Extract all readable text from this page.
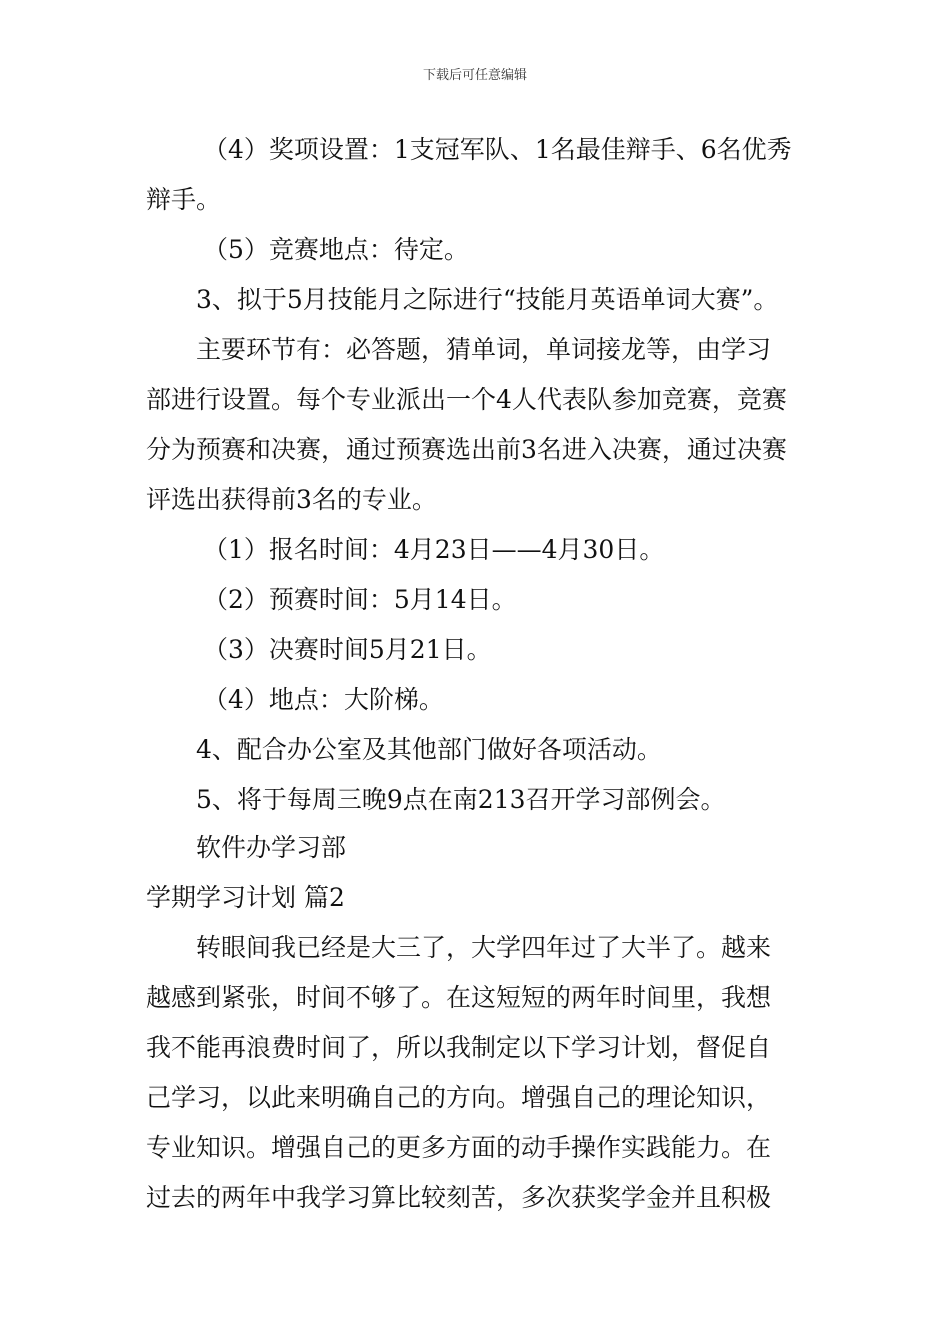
下载后可任意编辑
（4）奖项设置：1支冠军队、1名最佳辩手、6名优秀
辩手。
（5）竞赛地点：待定。
3、拟于5月技能月之际进行“技能月英语单词大赛”。
主要环节有：必答题，猜单词，单词接龙等，由学习
部进行设置。每个专业派出一个4人代表队参加竞赛，竞赛
分为预赛和决赛，通过预赛选出前3名进入决赛，通过决赛
评选出获得前3名的专业。
（1）报名时间：4月23日——4月30日。
（2）预赛时间：5月14日。
（3）决赛时间5月21日。
（4）地点：大阶梯。
4、配合办公室及其他部门做好各项活动。
5、将于每周三晚9点在南213召开学习部例会。
软件办学习部
学期学习计划 篇2
转眼间我已经是大三了，大学四年过了大半了。越来
越感到紧张，时间不够了。在这短短的两年时间里，我想
我不能再浪费时间了，所以我制定以下学习计划，督促自
己学习，以此来明确自己的方向。增强自己的理论知识，
专业知识。增强自己的更多方面的动手操作实践能力。在
过去的两年中我学习算比较刻苦，多次获奖学金并且积极
